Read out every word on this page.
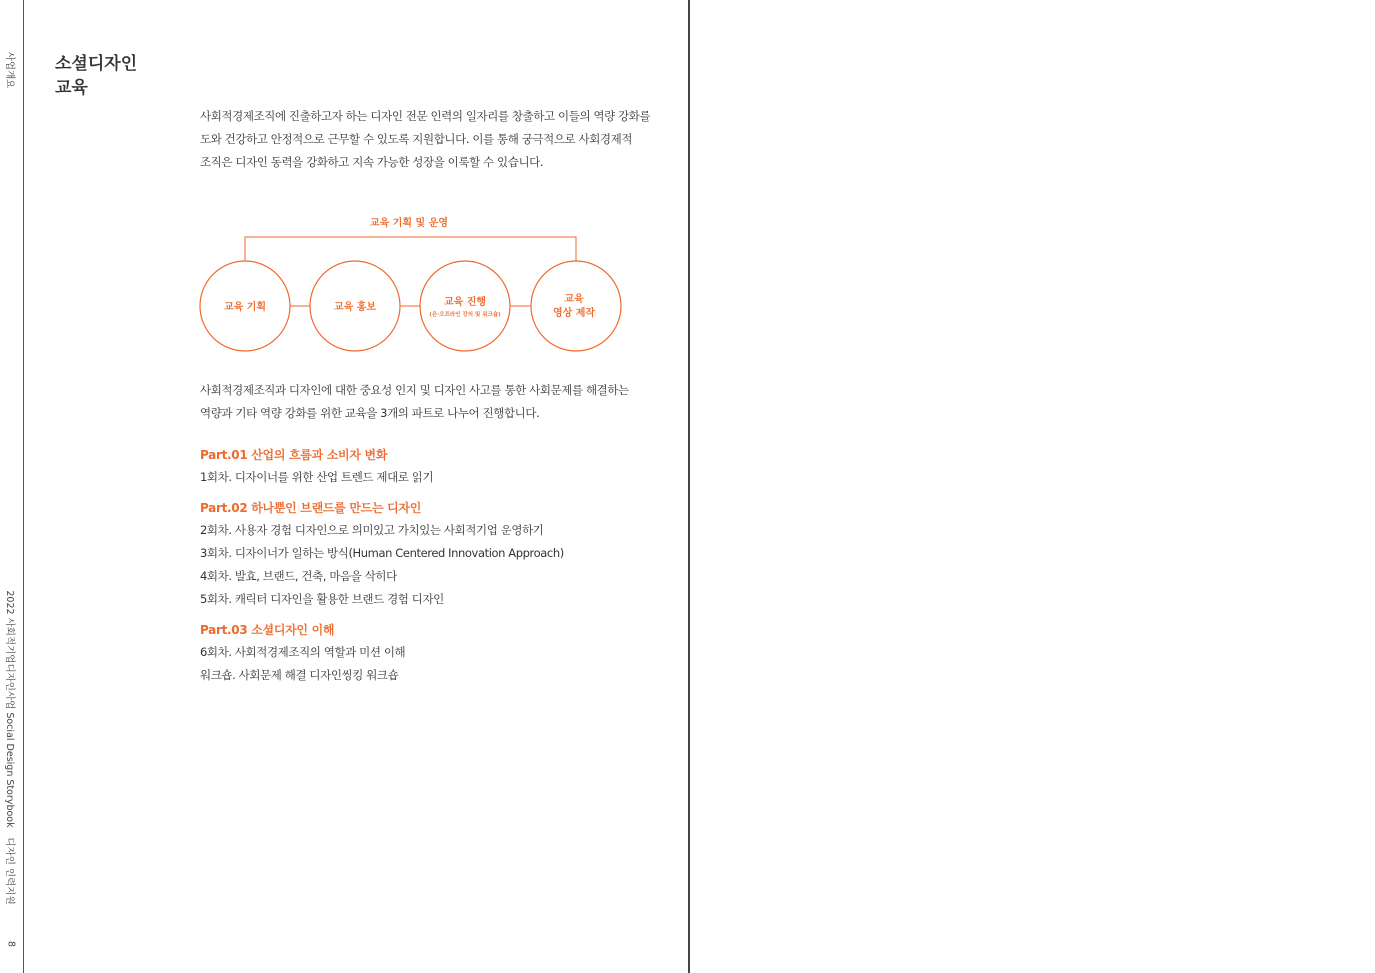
사업개요
2022 사회적기업디자인사업 Social Design Storybook
디자인 인력지원
8
소셜디자인
교육
사회적경제조직에 진출하고자 하는 디자인 전문 인력의 일자리를 창출하고 이들의 역량 강화를
도와 건강하고 안정적으로 근무할 수 있도록 지원합니다. 이를 통해 궁극적으로 사회경제적
조직은 디자인 동력을 강화하고 지속 가능한 성장을 이룩할 수 있습니다.
교육 기획 및 운영
교육 기획	교육 홍보	교육 진행
(온·오프라인 강의 및 워크숍)
교육
영상 제작
사회적경제조직과 디자인에 대한 중요성 인지 및 디자인 사고를 통한 사회문제를 해결하는
역량과 기타 역량 강화를 위한 교육을 3개의 파트로 나누어 진행합니다.
Part.01 산업의 흐름과 소비자 변화
1회차. 디자이너를 위한 산업 트렌드 제대로 읽기
Part.02 하나뿐인 브랜드를 만드는 디자인
2회차. 사용자 경험 디자인으로 의미있고 가치있는 사회적기업 운영하기
3회차. 디자이너가 일하는 방식(Human Centered Innovation Approach)
4회차. 발효, 브랜드, 건축, 마음을 삭히다
5회차. 캐릭터 디자인을 활용한 브랜드 경험 디자인
Part.03 소셜디자인 이해
6회차. 사회적경제조직의 역할과 미션 이해
워크숍. 사회문제 해결 디자인씽킹 워크숍
